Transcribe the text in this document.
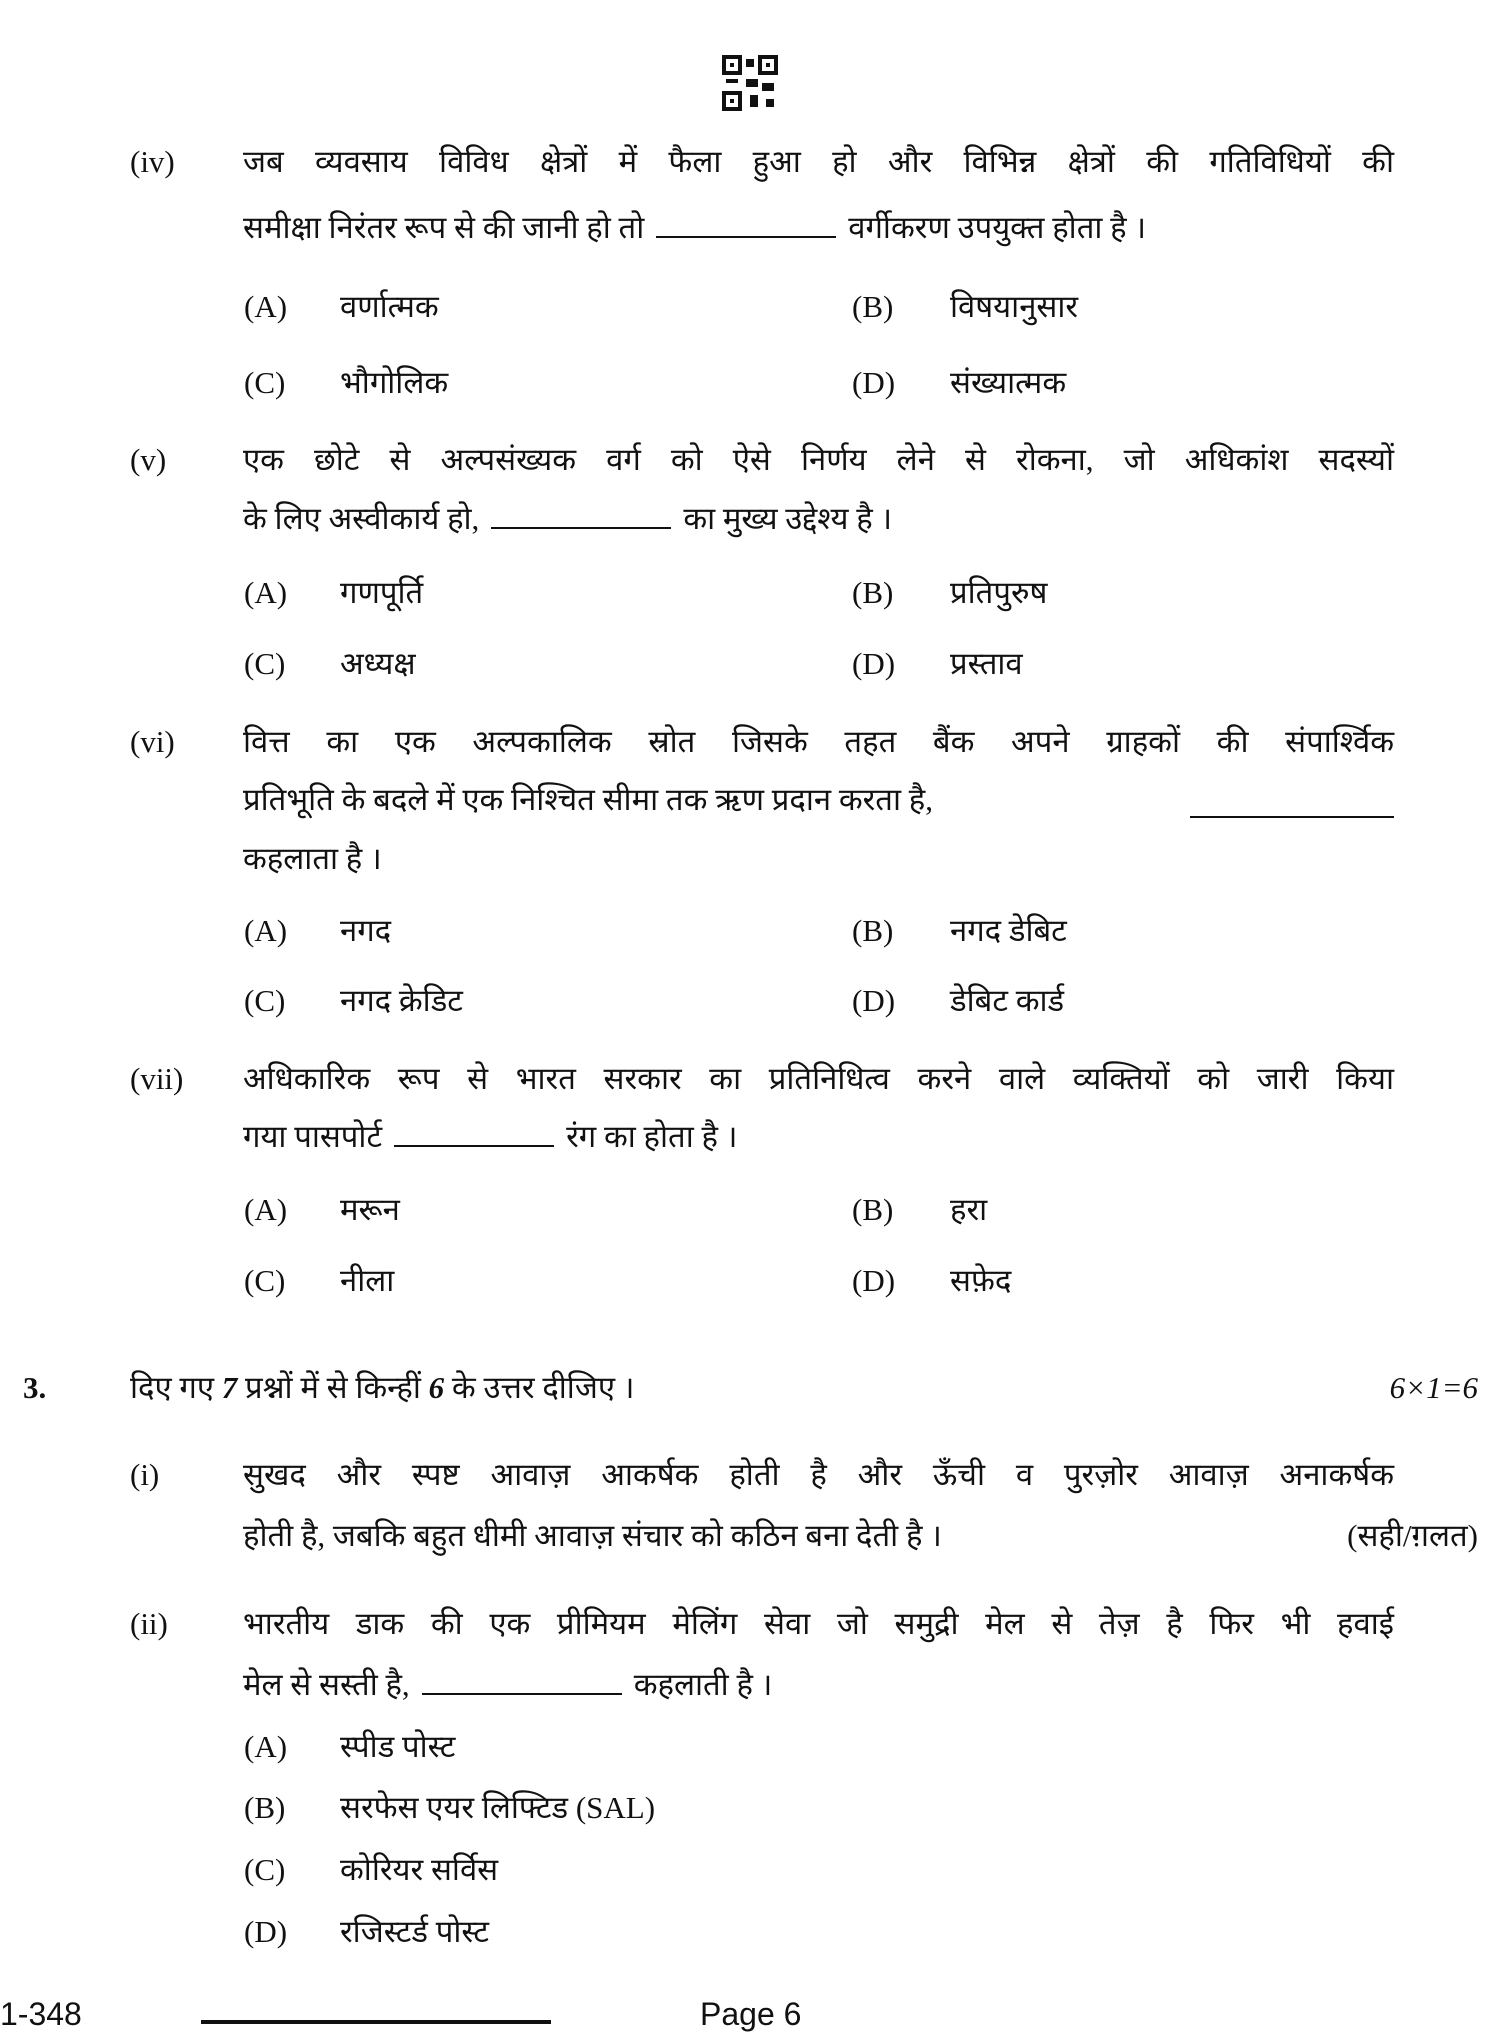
(iv) जब व्यवसाय विविध क्षेत्रों में फैला हुआ हो और विभिन्न क्षेत्रों की गतिविधियों की
समीक्षा निरंतर रूप से की जानी हो तो	वर्गीकरण उपयुक्त होता है ।
(A) वर्णात्मक	(B) विषयानुसार
(C) भौगोलिक	(D) संख्यात्मक
(v) एक छोटे से अल्पसंख्यक वर्ग को ऐसे निर्णय लेने से रोकना, जो अधिकांश सदस्यों
के लिए अस्वीकार्य हो,	का मुख्य उद्देश्य है ।
(A) गणपूर्ति	(B) प्रतिपुरुष
(C) अध्यक्ष	(D) प्रस्ताव
(vi) वित्त का एक अल्पकालिक स्रोत जिसके तहत बैंक अपने ग्राहकों की संपार्श्विक
प्रतिभूति के बदले में एक निश्चित सीमा तक ऋण प्रदान करता है,
कहलाता है ।
(A) नगद	(B) नगद डेबिट
(C) नगद क्रेडिट	(D) डेबिट कार्ड
(vii) अधिकारिक रूप से भारत सरकार का प्रतिनिधित्व करने वाले व्यक्तियों को जारी किया
गया पासपोर्ट	रंग का होता है ।
(A) मरून	(B) हरा
(C) नीला	(D) सफ़ेद
3.	दिए गए 7 प्रश्नों में से किन्हीं 6 के उत्तर दीजिए ।	6×1=6
(i)	सुखद और स्पष्ट आवाज़ आकर्षक होती है और ऊँची व पुरज़ोर आवाज़ अनाकर्षक
होती है, जबकि बहुत धीमी आवाज़ संचार को कठिन बना देती है ।	(सही/ग़लत)
(ii) भारतीय डाक की एक प्रीमियम मेलिंग सेवा जो समुद्री मेल से तेज़ है फिर भी हवाई
मेल से सस्ती है,	कहलाती है ।
(A) स्पीड पोस्ट
(B) सरफेस एयर लिफ्टिड (SAL)
(C) कोरियर सर्विस
(D) रजिस्टर्ड पोस्ट
1-348	Page 6
